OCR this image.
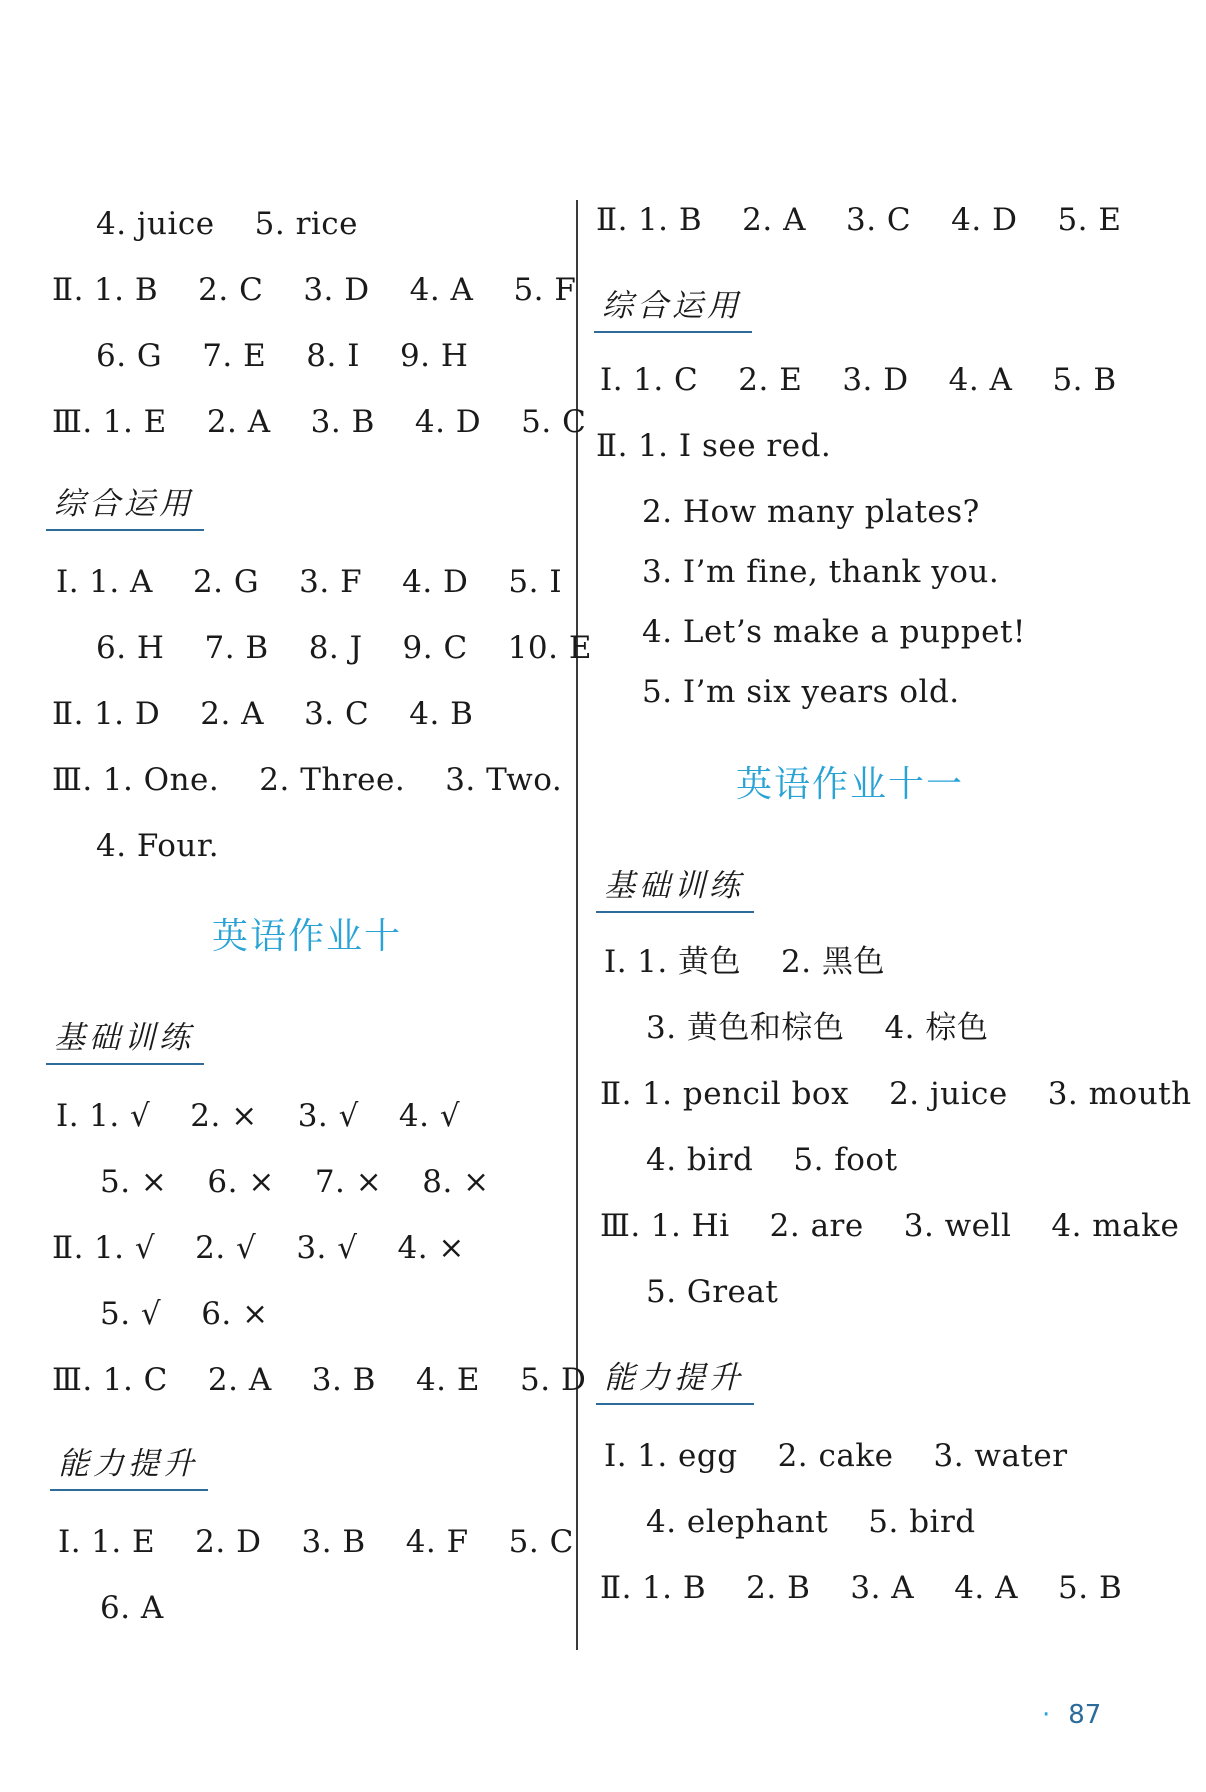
4. juice 5. rice
Ⅱ. 1. B 2. C 3. D 4. A 5. F
6. G 7. E 8. I 9. H
Ⅲ. 1. E 2. A 3. B 4. D 5. C
综合运用
Ⅰ. 1. A 2. G 3. F 4. D 5. I
6. H 7. B 8. J 9. C 10. E
Ⅱ. 1. D 2. A 3. C 4. B
Ⅲ. 1. One. 2. Three. 3. Two.
4. Four.
英语作业十
基础训练
Ⅰ. 1. √ 2. × 3. √ 4. √
5. × 6. × 7. × 8. ×
Ⅱ. 1. √ 2. √ 3. √ 4. ×
5. √ 6. ×
Ⅲ. 1. C 2. A 3. B 4. E 5. D
能力提升
Ⅰ. 1. E 2. D 3. B 4. F 5. C
6. A
Ⅱ. 1. B 2. A 3. C 4. D 5. E
综合运用
Ⅰ. 1. C 2. E 3. D 4. A 5. B
Ⅱ. 1. I see red.
2. How many plates?
3. I’m fine, thank you.
4. Let’s make a puppet!
5. I’m six years old.
英语作业十一
基础训练
Ⅰ. 1. 黄色 2. 黑色
3. 黄色和棕色 4. 棕色
Ⅱ. 1. pencil box 2. juice 3. mouth
4. bird 5. foot
Ⅲ. 1. Hi 2. are 3. well 4. make
5. Great
能力提升
Ⅰ. 1. egg 2. cake 3. water
4. elephant 5. bird
Ⅱ. 1. B 2. B 3. A 4. A 5. B
· 87
